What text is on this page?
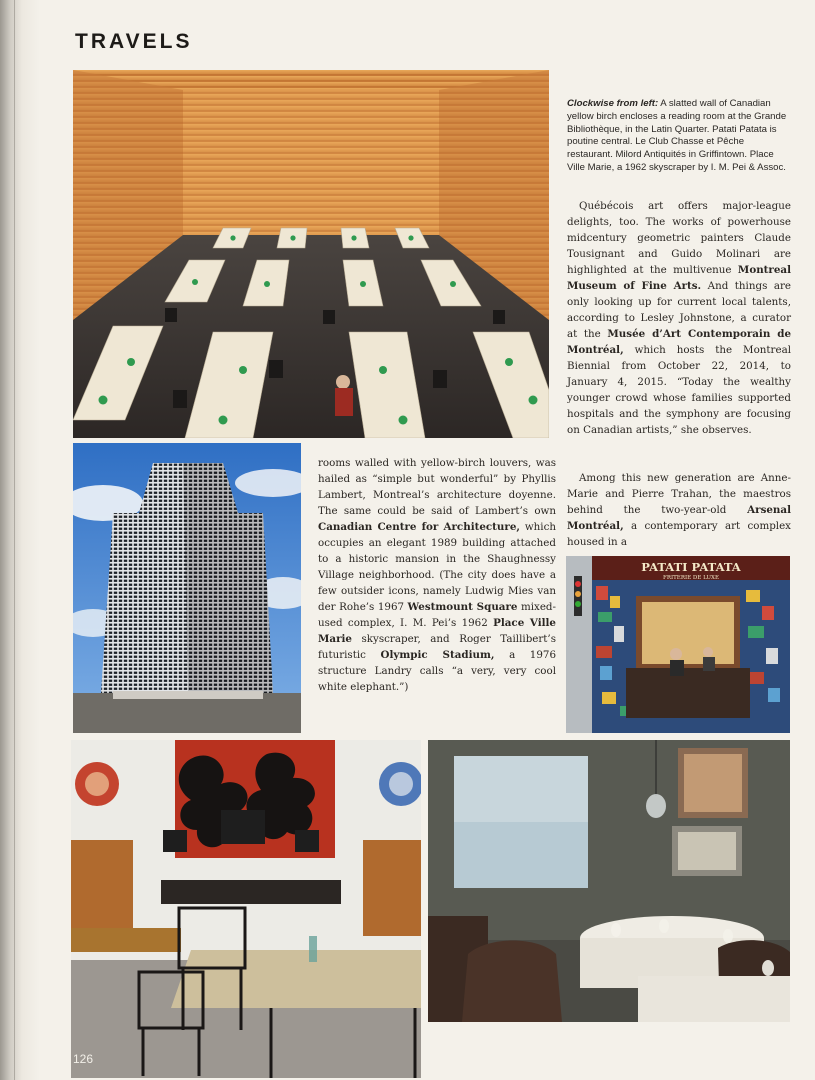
TRAVELS
Clockwise from left: A slatted wall of Canadian yellow birch encloses a reading room at the Grande Bibliothèque, in the Latin Quarter. Patati Patata is poutine central. Le Club Chasse et Pêche restaurant. Milord Antiquités in Griffintown. Place Ville Marie, a 1962 skyscraper by I. M. Pei & Assoc.

Québécois art offers major-league delights, too. The works of powerhouse midcentury geometric painters Claude Tousignant and Guido Molinari are highlighted at the multivenue Montreal Museum of Fine Arts. And things are only looking up for current local talents, according to Lesley Johnstone, a curator at the Musée d’Art Contemporain de Montréal, which hosts the Montreal Biennial from October 22, 2014, to January 4, 2015. “Today the wealthy younger crowd whose families supported hospitals and the symphony are focusing on Canadian artists,” she observes.

Among this new generation are Anne-Marie and Pierre Trahan, the maestros behind the two-year-old Arsenal Montréal, a contemporary art complex housed in a

rooms walled with yellow-birch louvers, was hailed as “simple but wonderful” by Phyllis Lambert, Montreal’s architecture doyenne. The same could be said of Lambert’s own Canadian Centre for Architecture, which occupies an elegant 1989 building attached to a historic mansion in the Shaughnessy Village neighborhood. (The city does have a few outsider icons, namely Ludwig Mies van der Rohe’s 1967 Westmount Square mixed-used complex, I. M. Pei’s 1962 Place Ville Marie skyscraper, and Roger Taillibert’s futuristic Olympic Stadium, a 1976 structure Landry calls “a very, very cool white elephant.”)

PATATI PATATA
FRITERIE DE LUXE
126
